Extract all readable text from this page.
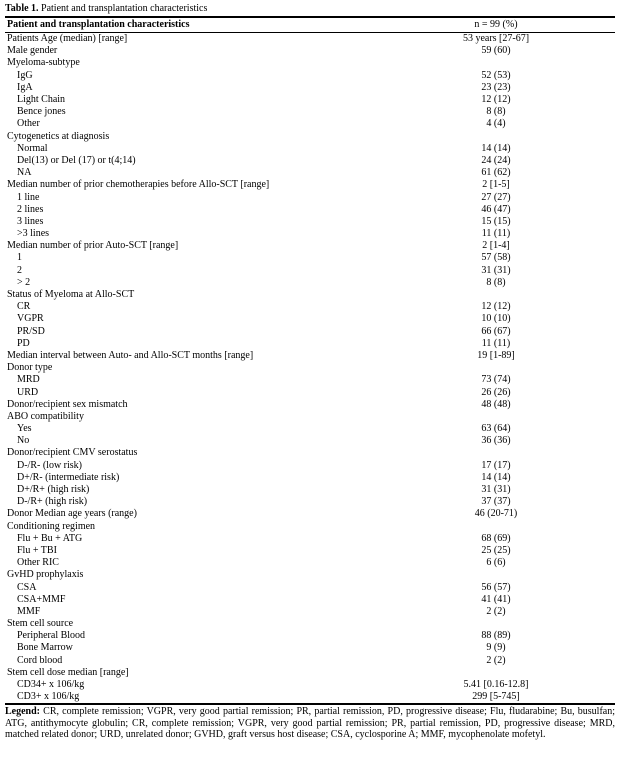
Table 1. Patient and transplantation characteristics
Patient and transplantation characteristics	n = 99 (%)
Patients Age (median) [range]	53 years [27-67]
Male gender	59 (60)
Myeloma-subtype	
IgG	52 (53)
IgA	23 (23)
Light Chain	12 (12)
Bence jones	8 (8)
Other	4 (4)
Cytogenetics at diagnosis	
Normal	14 (14)
Del(13) or Del (17) or t(4;14)	24 (24)
NA	61 (62)
Median number of prior chemotherapies before Allo-SCT [range]	2 [1-5]
1 line	27 (27)
2 lines	46 (47)
3 lines	15 (15)
>3 lines	11 (11)
Median number of prior Auto-SCT [range]	2 [1-4]
1	57 (58)
2	31 (31)
> 2	8 (8)
Status of Myeloma at Allo-SCT	
CR	12 (12)
VGPR	10 (10)
PR/SD	66 (67)
PD	11 (11)
Median interval between Auto- and Allo-SCT months [range]	19 [1-89]
Donor type	
MRD	73 (74)
URD	26 (26)
Donor/recipient sex mismatch	48 (48)
ABO compatibility	
Yes	63 (64)
No	36 (36)
Donor/recipient CMV serostatus	
D-/R- (low risk)	17 (17)
D+/R- (intermediate risk)	14 (14)
D+/R+ (high risk)	31 (31)
D-/R+ (high risk)	37 (37)
Donor Median age years (range)	46 (20-71)
Conditioning regimen	
Flu + Bu + ATG	68 (69)
Flu + TBI	25 (25)
Other RIC	6 (6)
GvHD prophylaxis	
CSA	56 (57)
CSA+MMF	41 (41)
MMF	2 (2)
Stem cell source	
Peripheral Blood	88 (89)
Bone Marrow	9 (9)
Cord blood	2 (2)
Stem cell dose median [range]	
CD34+ x 106/kg	5.41 [0.16-12.8]
CD3+ x 106/kg	299 [5-745]
Legend: CR, complete remission; VGPR, very good partial remission; PR, partial remission, PD, progressive disease; Flu, fludarabine; Bu, busulfan; ATG, antithymocyte globulin; CR, complete remission; VGPR, very good partial remission; PR, partial remission, PD, progressive disease; MRD, matched related donor; URD, unrelated donor; GVHD, graft versus host disease; CSA, cyclosporine A; MMF, mycophenolate mofetyl.
